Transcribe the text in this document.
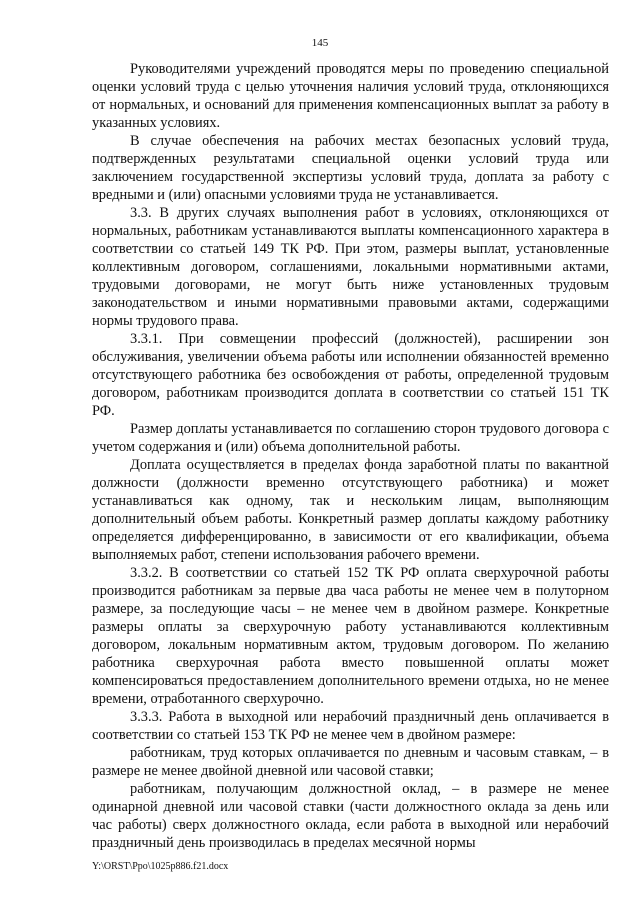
145

Руководителями учреждений проводятся меры по проведению специальной оценки условий труда с целью уточнения наличия условий труда, отклоняющихся от нормальных, и оснований для применения компенсационных выплат за работу в указанных условиях.

В случае обеспечения на рабочих местах безопасных условий труда, подтвержденных результатами специальной оценки условий труда или заключением государственной экспертизы условий труда, доплата за работу с вредными и (или) опасными условиями труда не устанавливается.

3.3. В других случаях выполнения работ в условиях, отклоняющихся от нормальных, работникам устанавливаются выплаты компенсационного характера в соответствии со статьей 149 ТК РФ. При этом, размеры выплат, установленные коллективным договором, соглашениями, локальными нормативными актами, трудовыми договорами, не могут быть ниже установленных трудовым законодательством и иными нормативными правовыми актами, содержащими нормы трудового права.

3.3.1. При совмещении профессий (должностей), расширении зон обслуживания, увеличении объема работы или исполнении обязанностей временно отсутствующего работника без освобождения от работы, определенной трудовым договором, работникам производится доплата в соответствии со статьей 151 ТК РФ.

Размер доплаты устанавливается по соглашению сторон трудового договора с учетом содержания и (или) объема дополнительной работы.

Доплата осуществляется в пределах фонда заработной платы по вакантной должности (должности временно отсутствующего работника) и может устанавливаться как одному, так и нескольким лицам, выполняющим дополнительный объем работы. Конкретный размер доплаты каждому работнику определяется дифференцированно, в зависимости от его квалификации, объема выполняемых работ, степени использования рабочего времени.

3.3.2. В соответствии со статьей 152 ТК РФ оплата сверхурочной работы производится работникам за первые два часа работы не менее чем в полуторном размере, за последующие часы – не менее чем в двойном размере. Конкретные размеры оплаты за сверхурочную работу устанавливаются коллективным договором, локальным нормативным актом, трудовым договором. По желанию работника сверхурочная работа вместо повышенной оплаты может компенсироваться предоставлением дополнительного времени отдыха, но не менее времени, отработанного сверхурочно.

3.3.3. Работа в выходной или нерабочий праздничный день оплачивается в соответствии со статьей 153 ТК РФ не менее чем в двойном размере:

работникам, труд которых оплачивается по дневным и часовым ставкам, – в размере не менее двойной дневной или часовой ставки;

работникам, получающим должностной оклад, – в размере не менее одинарной дневной или часовой ставки (части должностного оклада за день или час работы) сверх должностного оклада, если работа в выходной или нерабочий праздничный день производилась в пределах месячной нормы

Y:\ORST\Ppo\1025p886.f21.docx
